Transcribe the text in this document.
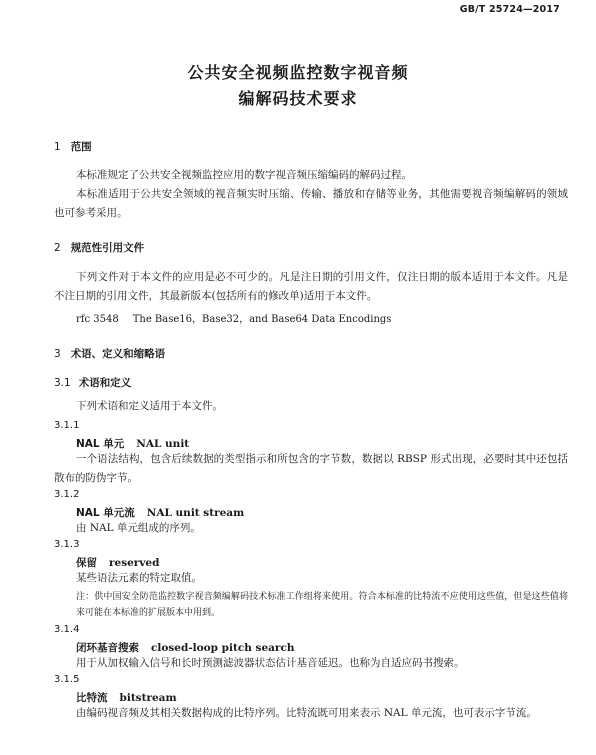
GB/T 25724—2017
公共安全视频监控数字视音频
编解码技术要求
1 范围
本标准规定了公共安全视频监控应用的数字视音频压缩编码的解码过程。
本标准适用于公共安全领域的视音频实时压缩、传输、播放和存储等业务，其他需要视音频编解码的领域也可参考采用。
2 规范性引用文件
下列文件对于本文件的应用是必不可少的。凡是注日期的引用文件，仅注日期的版本适用于本文件。凡是不注日期的引用文件，其最新版本(包括所有的修改单)适用于本文件。
rfc 3548 The Base16，Base32，and Base64 Data Encodings
3 术语、定义和缩略语
3.1 术语和定义
下列术语和定义适用于本文件。
3.1.1
NAL 单元 NAL unit
一个语法结构，包含后续数据的类型指示和所包含的字节数，数据以 RBSP 形式出现，必要时其中还包括散布的防伪字节。
3.1.2
NAL 单元流 NAL unit stream
由 NAL 单元组成的序列。
3.1.3
保留 reserved
某些语法元素的特定取值。
注：供中国安全防范监控数字视音频编解码技术标准工作组将来使用。符合本标准的比特流不应使用这些值，但是这些值将来可能在本标准的扩展版本中用到。
3.1.4
闭环基音搜索 closed-loop pitch search
用于从加权输入信号和长时预测滤波器状态估计基音延迟。也称为自适应码书搜索。
3.1.5
比特流 bitstream
由编码视音频及其相关数据构成的比特序列。比特流既可用来表示 NAL 单元流，也可表示字节流。
